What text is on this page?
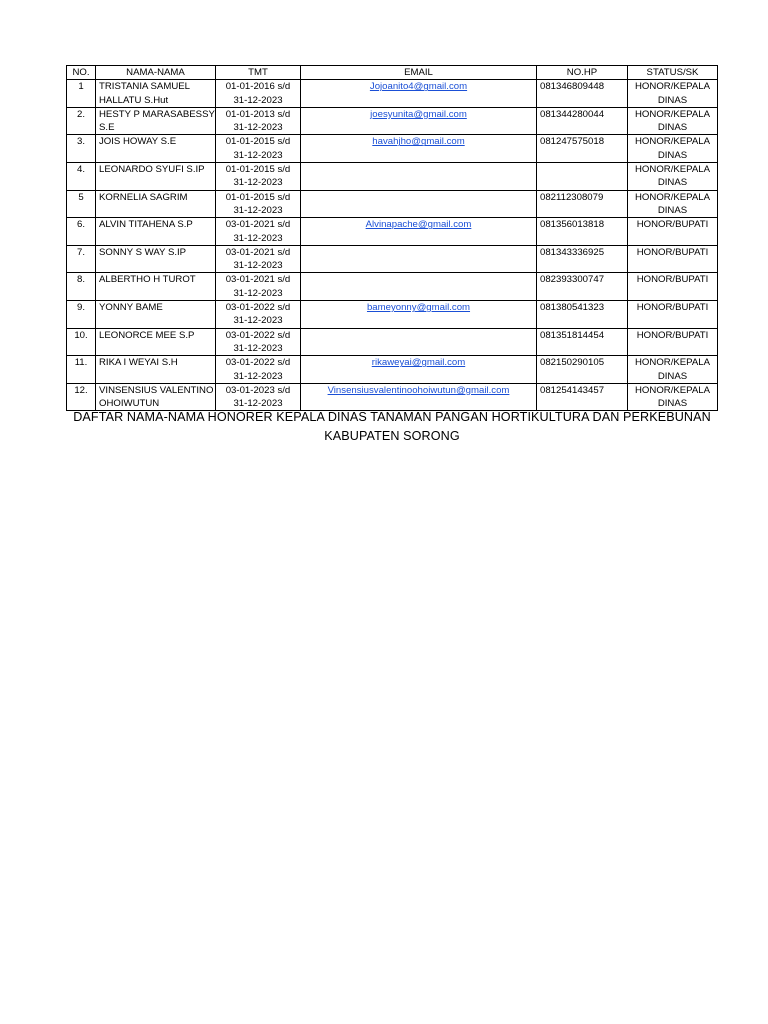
NO.	NAMA-NAMA	TMT	EMAIL	NO.HP	STATUS/SK
1	TRISTANIA SAMUEL
HALLATU S.Hut	01-01-2016 s/d
31-12-2023	Jojoanito4@gmail.com	081346809448	HONOR/KEPALA
DINAS

2.	HESTY P MARASABESSY
S.E	01-01-2013 s/d
31-12-2023	joesyunita@gmail.com	081344280044	HONOR/KEPALA
DINAS

3.	JOIS HOWAY S.E	01-01-2015 s/d
31-12-2023	havahjho@gmail.com	081247575018	HONOR/KEPALA
DINAS

4.	LEONARDO SYUFI S.IP	01-01-2015 s/d
31-12-2023			HONOR/KEPALA
DINAS

5	KORNELIA SAGRIM	01-01-2015 s/d
31-12-2023		082112308079	HONOR/KEPALA
DINAS

6.	ALVIN TITAHENA S.P	03-01-2021 s/d
31-12-2023	Alvinapache@gmail.com	081356013818	HONOR/BUPATI

7.	SONNY S WAY S.IP	03-01-2021 s/d
31-12-2023		081343336925	HONOR/BUPATI

8.	ALBERTHO H TUROT	03-01-2021 s/d
31-12-2023		082393300747	HONOR/BUPATI

9.	YONNY BAME	03-01-2022 s/d
31-12-2023	bameyonny@gmail.com	081380541323	HONOR/BUPATI

10.	LEONORCE MEE S.P	03-01-2022 s/d
31-12-2023		081351814454	HONOR/BUPATI

11.	RIKA I WEYAI S.H	03-01-2022 s/d
31-12-2023	rikaweyai@gmail.com	082150290105	HONOR/KEPALA
DINAS

12.	VINSENSIUS VALENTINO
OHOIWUTUN	03-01-2023 s/d
31-12-2023	Vinsensiusvalentinoohoiwutun@gmail.com	081254143457	HONOR/KEPALA
DINAS
DAFTAR NAMA-NAMA HONORER KEPALA DINAS TANAMAN PANGAN HORTIKULTURA DAN PERKEBUNAN
KABUPATEN SORONG
